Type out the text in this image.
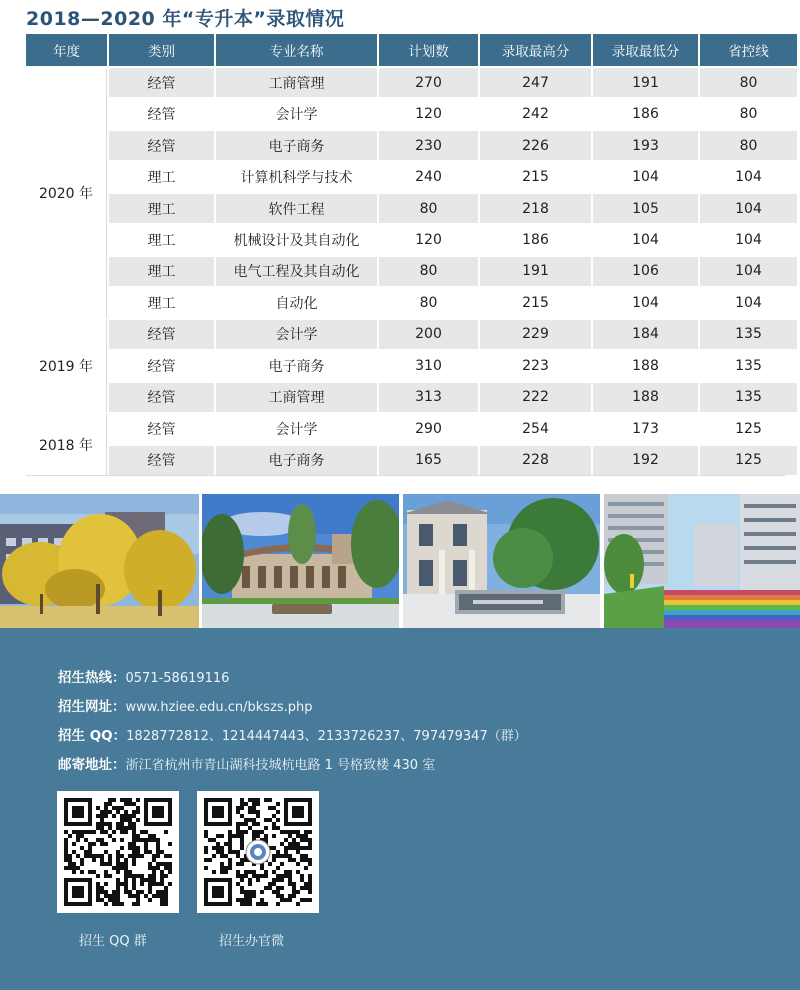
2018—2020 年“专升本”录取情况
年度	类别	专业名称	计划数	录取最高分	录取最低分	省控线
2020 年
经管	工商管理	270	247	191	80
经管	会计学	120	242	186	80
经管	电子商务	230	226	193	80
理工	计算机科学与技术	240	215	104	104
理工	软件工程	80	218	105	104
理工	机械设计及其自动化	120	186	104	104
理工	电气工程及其自动化	80	191	106	104
理工	自动化	80	215	104	104
2019 年
经管	会计学	200	229	184	135
经管	电子商务	310	223	188	135
经管	工商管理	313	222	188	135
2018 年
经管	会计学	290	254	173	125
经管	电子商务	165	228	192	125
招生热线：0571-58619116
招生网址：www.hziee.edu.cn/bkszs.php
招生 QQ：1828772812、1214447443、2133726237、797479347（群）
邮寄地址：浙江省杭州市青山湖科技城杭电路 1 号格致楼 430 室
招生 QQ 群	招生办官微
